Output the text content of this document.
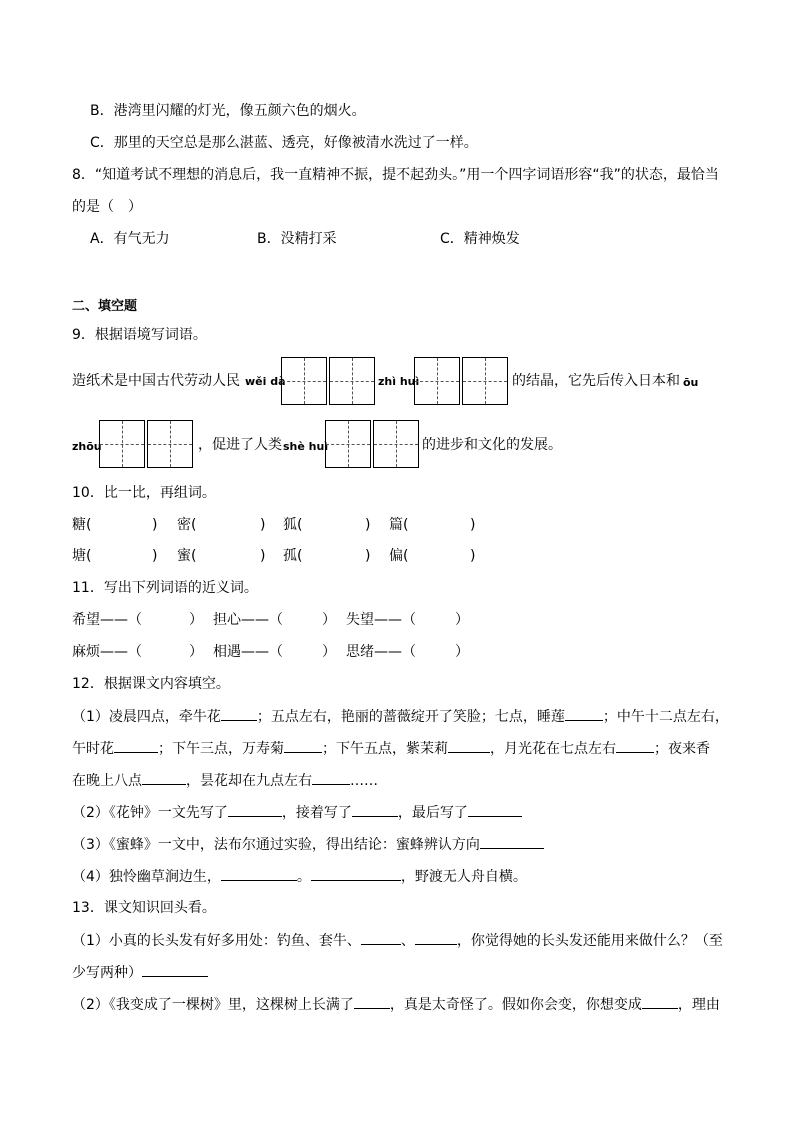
B．港湾里闪耀的灯光，像五颜六色的烟火。
C．那里的天空总是那么湛蓝、透亮，好像被清水洗过了一样。
8．“知道考试不理想的消息后，我一直精神不振，提不起劲头。”用一个四字词语形容“我”的状态，最恰当
的是（　）
A．有气无力	B．没精打采	C．精神焕发
二、填空题
9．根据语境写词语。
造纸术是中国古代劳动人民 wěi dà	zhì huì	的结晶，它先后传入日本和 ōu
zhōu	，促进了人类 shè huì	的进步和文化的发展。
10．比一比，再组词。
糖(	) 密(	) 狐(	) 篇(	)
塘(	) 蜜(	) 孤(	) 偏(	)
11．写出下列词语的近义词。
希望——（	） 担心——（	） 失望——（	）
麻烦——（	） 相遇——（	） 思绪——（	）
12．根据课文内容填空。
（1）凌晨四点，牵牛花	；五点左右，艳丽的蔷薇绽开了笑脸；七点，睡莲	；中午十二点左右，
午时花	；下午三点，万寿菊	；下午五点，紫茉莉	，月光花在七点左右	；夜来香
在晚上八点	，昙花却在九点左右	……
（2）《花钟》一文先写了	，接着写了	，最后写了
（3）《蜜蜂》一文中，法布尔通过实验，得出结论：蜜蜂辨认方向
（4）独怜幽草涧边生，	。	，野渡无人舟自横。
13．课文知识回头看。
（1）小真的长头发有好多用处：钓鱼、套牛、	、	，你觉得她的长头发还能用来做什么？（至
少写两种）
（2）《我变成了一棵树》里，这棵树上长满了	，真是太奇怪了。假如你会变，你想变成	，理由
